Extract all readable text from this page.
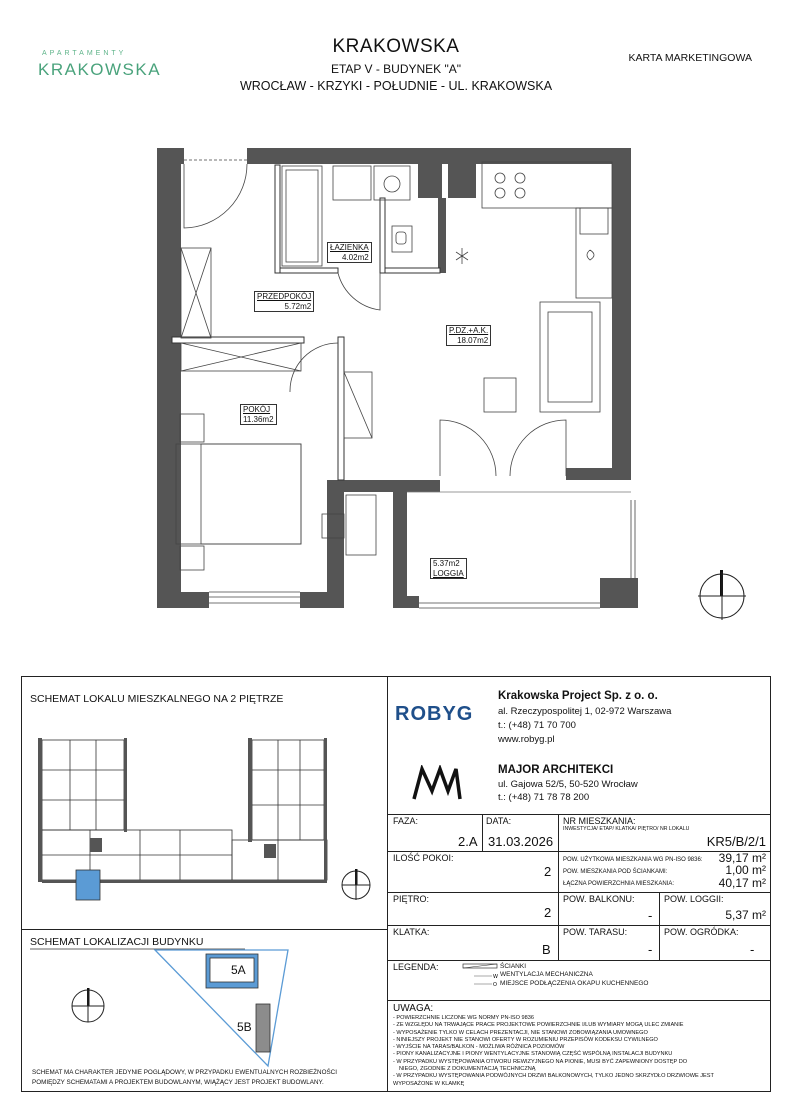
APARTAMENTY
KRAKOWSKA
KRAKOWSKA
ETAP V - BUDYNEK "A"
WROCŁAW - KRZYKI - POŁUDNIE - UL. KRAKOWSKA
KARTA MARKETINGOWA
ŁAZIENKA
4.02m2
PRZEDPOKÓJ
5.72m2
P.DZ.+A.K.
18.07m2
POKÓJ
11.36m2
5.37m2
LOGGIA
SCHEMAT LOKALU MIESZKALNEGO NA 2 PIĘTRZE
SCHEMAT LOKALIZACJI BUDYNKU
5A
5B
SCHEMAT MA CHARAKTER JEDYNIE POGLĄDOWY, W PRZYPADKU EWENTUALNYCH ROZBIEŻNOŚCI
POMIĘDZY SCHEMATAMI A PROJEKTEM BUDOWLANYM, WIĄŻĄCY JEST PROJEKT BUDOWLANY.
ROBYG
Krakowska Project Sp. z o. o.
al. Rzeczypospolitej 1, 02-972 Warszawa
t.: (+48) 71 70 700
www.robyg.pl
MAJOR ARCHITEKCI
ul. Gajowa 52/5, 50-520 Wrocław
t.: (+48) 71 78 78 200
FAZA:
2.A
DATA:
31.03.2026
NR MIESZKANIA:
INWESTYCJA/ ETAP/ KLATKA/ PIĘTRO/ NR LOKALU
KR5/B/2/1
ILOŚĆ POKOI:
2
POW. UŻYTKOWA MIESZKANIA WG PN-ISO 9836: 39,17 m²
POW. MIESZKANIA POD ŚCIANKAMI:	1,00 m²
ŁĄCZNA POWIERZCHNIA MIESZKANIA:	40,17 m²
PIĘTRO:
2
POW. BALKONU:
-
POW. LOGGII:
5,37 m²
KLATKA:
B
POW. TARASU:
-
POW. OGRÓDKA:
-
LEGENDA:
W
O
ŚCIANKI
WENTYLACJA MECHANICZNA
MIEJSCE PODŁĄCZENIA OKAPU KUCHENNEGO
UWAGA:
- POWIERZCHNIE LICZONE WG NORMY PN-ISO 9836
- ZE WZGLĘDU NA TRWAJĄCE PRACE PROJEKTOWE POWIERZCHNIE I/LUB WYMIARY MOGĄ ULEC ZMIANIE
- WYPOSAŻENIE TYLKO W CELACH PREZENTACJI, NIE STANOWI ZOBOWIĄZANIA UMOWNEGO
- NINIEJSZY PROJEKT NIE STANOWI OFERTY W ROZUMIENIU PRZEPISÓW KODEKSU CYWILNEGO
- WYJŚCIE NA TARAS/BALKON - MOŻLIWA RÓŻNICA POZIOMÓW
- PIONY KANALIZACYJNE I PIONY WENTYLACYJNE STANOWIĄ CZĘŚĆ WSPÓLNĄ INSTALACJI BUDYNKU
- W PRZYPADKU WYSTĘPOWANIA OTWORU REWIZYJNEGO NA PIONIE, MUSI BYĆ ZAPEWNIONY DOSTĘP DO
NIEGO, ZGODNIE Z DOKUMENTACJĄ TECHNICZNĄ
- W PRZYPADKU WYSTĘPOWANIA PODWÓJNYCH DRZWI BALKONOWYCH, TYLKO JEDNO SKRZYDŁO DRZWIOWE JEST
WYPOSAŻONE W KLAMKĘ
